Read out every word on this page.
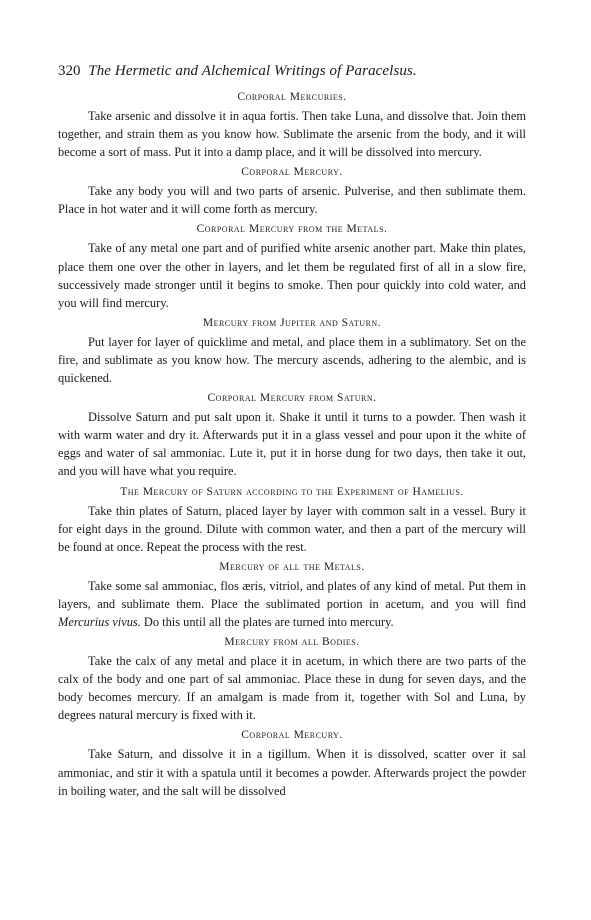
320 The Hermetic and Alchemical Writings of Paracelsus.
Corporal Mercuries.

Take arsenic and dissolve it in aqua fortis. Then take Luna, and dissolve that. Join them together, and strain them as you know how. Sublimate the arsenic from the body, and it will become a sort of mass. Put it into a damp place, and it will be dissolved into mercury.

Corporal Mercury.

Take any body you will and two parts of arsenic. Pulverise, and then sublimate them. Place in hot water and it will come forth as mercury.

Corporal Mercury from the Metals.

Take of any metal one part and of purified white arsenic another part. Make thin plates, place them one over the other in layers, and let them be regulated first of all in a slow fire, successively made stronger until it begins to smoke. Then pour quickly into cold water, and you will find mercury.

Mercury from Jupiter and Saturn.

Put layer for layer of quicklime and metal, and place them in a sublimatory. Set on the fire, and sublimate as you know how. The mercury ascends, adhering to the alembic, and is quickened.

Corporal Mercury from Saturn.

Dissolve Saturn and put salt upon it. Shake it until it turns to a powder. Then wash it with warm water and dry it. Afterwards put it in a glass vessel and pour upon it the white of eggs and water of sal ammoniac. Lute it, put it in horse dung for two days, then take it out, and you will have what you require.

The Mercury of Saturn according to the Experiment of Hamelius.

Take thin plates of Saturn, placed layer by layer with common salt in a vessel. Bury it for eight days in the ground. Dilute with common water, and then a part of the mercury will be found at once. Repeat the process with the rest.

Mercury of all the Metals.

Take some sal ammoniac, flos æris, vitriol, and plates of any kind of metal. Put them in layers, and sublimate them. Place the sublimated portion in acetum, and you will find Mercurius vivus. Do this until all the plates are turned into mercury.

Mercury from all Bodies.

Take the calx of any metal and place it in acetum, in which there are two parts of the calx of the body and one part of sal ammoniac. Place these in dung for seven days, and the body becomes mercury. If an amalgam is made from it, together with Sol and Luna, by degrees natural mercury is fixed with it.

Corporal Mercury.

Take Saturn, and dissolve it in a tigillum. When it is dissolved, scatter over it sal ammoniac, and stir it with a spatula until it becomes a powder. Afterwards project the powder in boiling water, and the salt will be dissolved
